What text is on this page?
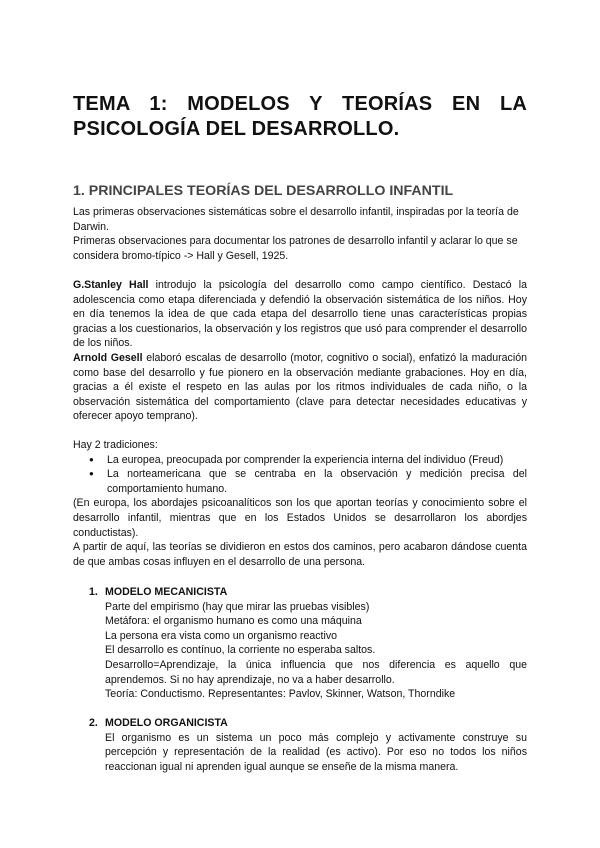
TEMA 1: MODELOS Y TEORÍAS EN LA
PSICOLOGÍA DEL DESARROLLO.
1. PRINCIPALES TEORÍAS DEL DESARROLLO INFANTIL

Las primeras observaciones sistemáticas sobre el desarrollo infantil, inspiradas por la teoría de Darwin.

Primeras observaciones para documentar los patrones de desarrollo infantil y aclarar lo que se considera bromo-típico -> Hall y Gesell, 1925.

G.Stanley Hall introdujo la psicología del desarrollo como campo científico. Destacó la adolescencia como etapa diferenciada y defendió la observación sistemática de los niños. Hoy en día tenemos la idea de que cada etapa del desarrollo tiene unas características propias gracias a los cuestionarios, la observación y los registros que usó para comprender el desarrollo de los niños.
Arnold Gesell elaboró escalas de desarrollo (motor, cognitivo o social), enfatizó la maduración como base del desarrollo y fue pionero en la observación mediante grabaciones. Hoy en día, gracias a él existe el respeto en las aulas por los ritmos individuales de cada niño, o la observación sistemática del comportamiento (clave para detectar necesidades educativas y oferecer apoyo temprano).

Hay 2 tradiciones:

● La europea, preocupada por comprender la experiencia interna del individuo (Freud)
● La norteamericana que se centraba en la observación y medición precisa del comportamiento humano.

(En europa, los abordajes psicoanalíticos son los que aportan teorías y conocimiento sobre el desarrollo infantil, mientras que en los Estados Unidos se desarrollaron los abordjes conductistas).

A partir de aquí, las teorías se dividieron en estos dos caminos, pero acabaron dándose cuenta de que ambas cosas influyen en el desarrollo de una persona.

1. MODELO MECANICISTA

Parte del empirismo (hay que mirar las pruebas visibles)
Metáfora: el organismo humano es como una máquina
La persona era vista como un organismo reactivo
El desarrollo es contínuo, la corriente no esperaba saltos.
Desarrollo=Aprendizaje, la única influencia que nos diferencia es aquello que aprendemos. Si no hay aprendizaje, no va a haber desarrollo.
Teoría: Conductismo. Representantes: Pavlov, Skinner, Watson, Thorndike

2. MODELO ORGANICISTA

El organismo es un sistema un poco más complejo y activamente construye su percepción y representación de la realidad (es activo). Por eso no todos los niños reaccionan igual ni aprenden igual aunque se enseñe de la misma manera.
